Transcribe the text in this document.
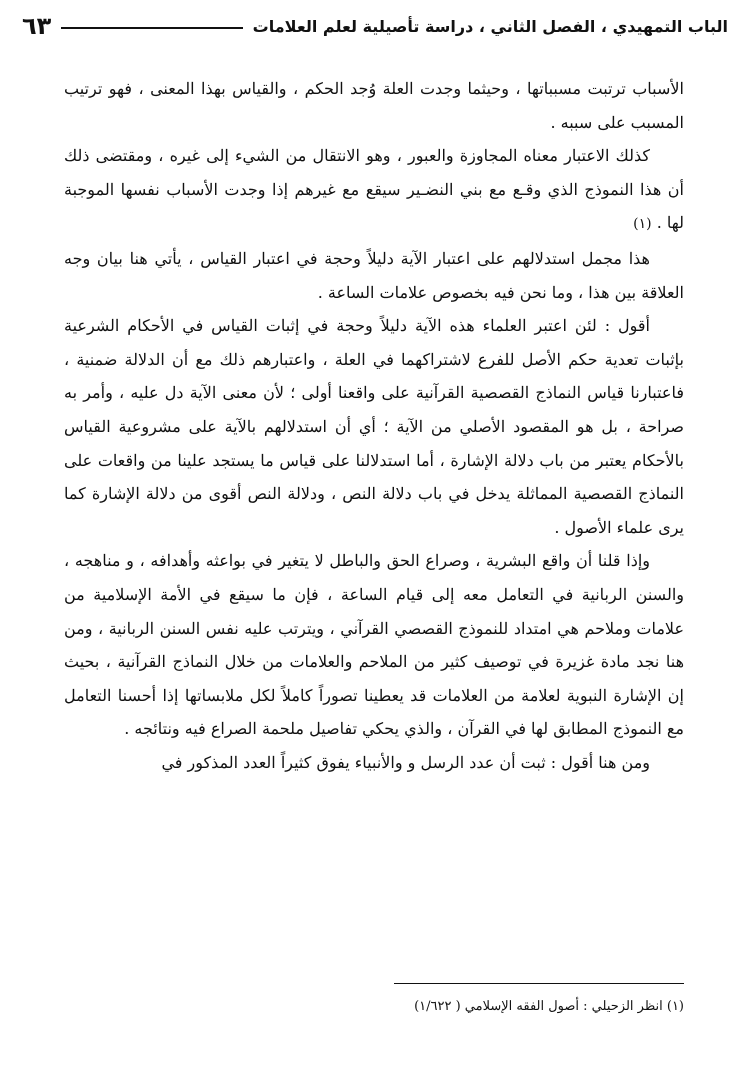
الباب التمهيدي ، الفصل الثاني ، دراسة تأصيلية لعلم العلامات
٦٣

الأسباب ترتبت مسبباتها ، وحيثما وجدت العلة وُجد الحكم ، والقياس بهذا المعنى ، فهو ترتيب المسبب على سببه .

كذلك الاعتبار معناه المجاوزة والعبور ، وهو الانتقال من الشيء إلى غيره ، ومقتضى ذلك أن هذا النموذج الذي وقـع مع بني النضـير سيقع مع غيرهم إذا وجدت الأسباب نفسها الموجبة لها . (١)

هذا مجمل استدلالهم على اعتبار الآية دليلاً وحجة في اعتبار القياس ، يأتي هنا بيان وجه العلاقة بين هذا ، وما نحن فيه بخصوص علامات الساعة .

أقول : لئن اعتبر العلماء هذه الآية دليلاً وحجة في إثبات القياس في الأحكام الشرعية بإثبات تعدية حكم الأصل للفرع لاشتراكهما في العلة ، واعتبارهم ذلك مع أن الدلالة ضمنية ، فاعتبارنا قياس النماذج القصصية القرآنية على واقعنا أولى ؛ لأن معنى الآية دل عليه ، وأمر به صراحة ، بل هو المقصود الأصلي من الآية ؛ أي أن استدلالهم بالآية على مشروعية القياس بالأحكام يعتبر من باب دلالة الإشارة ، أما استدلالنا على قياس ما يستجد علينا من واقعات على النماذج القصصية المماثلة يدخل في باب دلالة النص ، ودلالة النص أقوى من دلالة الإشارة كما يرى علماء الأصول .

وإذا قلنا أن واقع البشرية ، وصراع الحق والباطل لا يتغير في بواعثه وأهدافه ، و مناهجه ، والسنن الربانية في التعامل معه إلى قيام الساعة ، فإن ما سيقع في الأمة الإسلامية من علامات وملاحم هي امتداد للنموذج القصصي القرآني ، ويترتب عليه نفس السنن الربانية ، ومن هنا نجد مادة غزيرة في توصيف كثير من الملاحم والعلامات من خلال النماذج القرآنية ، بحيث إن الإشارة النبوية لعلامة من العلامات قد يعطينا تصوراً كاملاً لكل ملابساتها إذا أحسنا التعامل مع النموذج المطابق لها في القرآن ، والذي يحكي تفاصيل ملحمة الصراع فيه ونتائجه .

ومن هنا أقول : ثبت أن عدد الرسل و والأنبياء يفوق كثيراً العدد المذكور في

(١) انظر الزحيلي : أصول الفقه الإسلامي ( ١/٦٢٢)
